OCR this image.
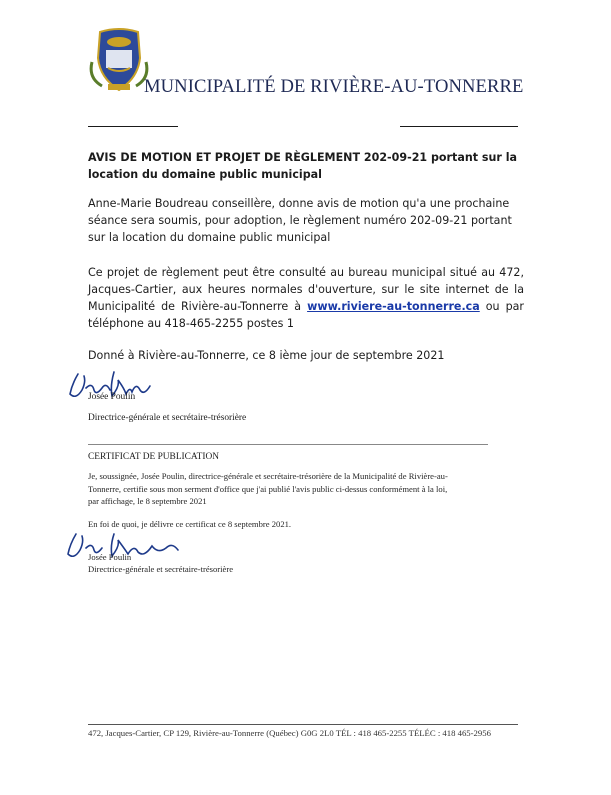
MUNICIPALITÉ DE RIVIÈRE-AU-TONNERRE

AVIS DE MOTION ET PROJET DE RÈGLEMENT 202-09-21 portant sur la location du domaine public municipal

Anne-Marie Boudreau conseillère, donne avis de motion qu'a une prochaine séance sera soumis, pour adoption, le règlement numéro 202-09-21 portant sur la location du domaine public municipal

Ce projet de règlement peut être consulté au bureau municipal situé au 472,
Jacques-Cartier, aux heures normales d'ouverture, sur le site internet de la
Municipalité de Rivière-au-Tonnerre à www.riviere-au-tonnerre.ca ou par
téléphone au 418-465-2255 postes 1

Donné à Rivière-au-Tonnerre, ce 8 ième jour de septembre 2021

Josée Poulin
Directrice-générale et secrétaire-trésorière
CERTIFICAT DE PUBLICATION
Je, soussignée, Josée Poulin, directrice-générale et secrétaire-trésorière de la Municipalité de Rivière-au-
Tonnerre, certifie sous mon serment d'office que j'ai publié l'avis public ci-dessus conformément à la loi,
par affichage, le 8 septembre 2021
En foi de quoi, je délivre ce certificat ce 8 septembre 2021.
Josée Poulin
Directrice-générale et secrétaire-trésorière
472, Jacques-Cartier, CP 129, Rivière-au-Tonnerre (Québec) G0G 2L0 TÉL : 418 465-2255 TÉLÉC : 418 465-2956
